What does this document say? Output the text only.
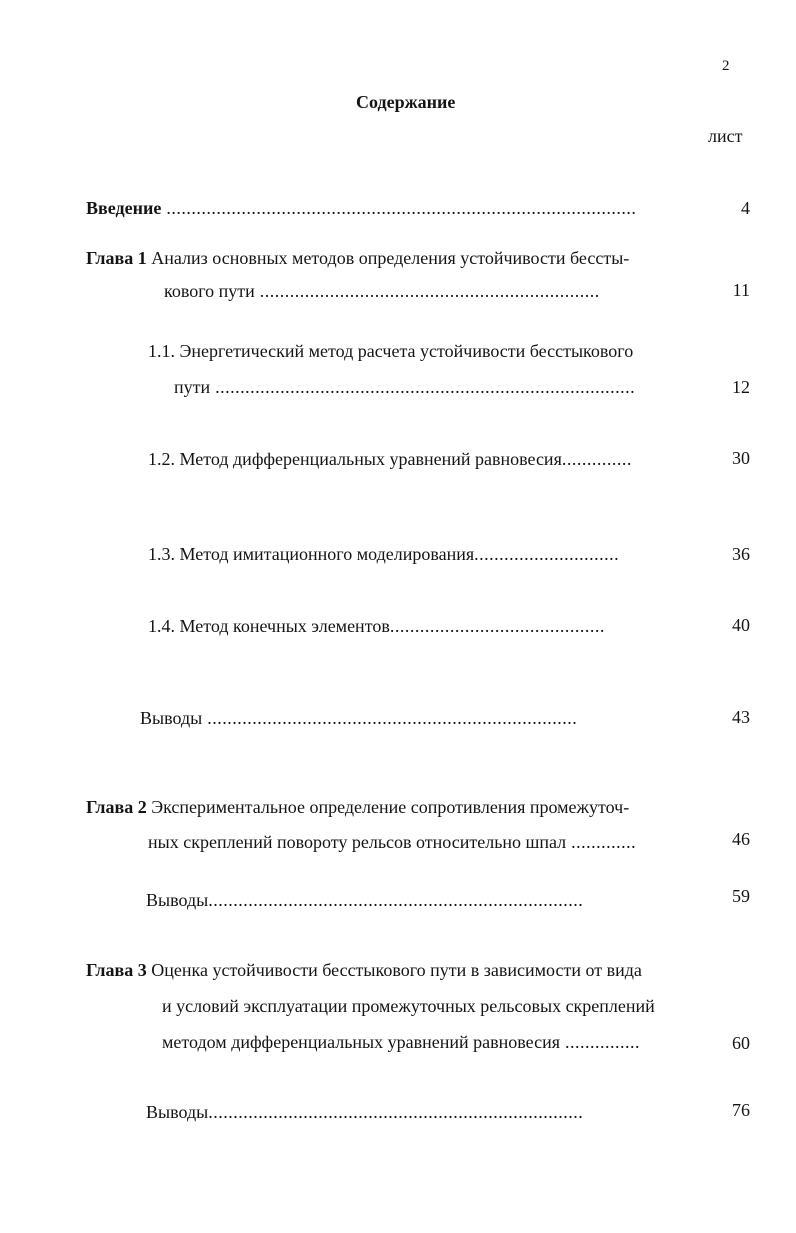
2
Содержание
лист
Введение ..............................................................................................	4
Глава 1 Анализ основных методов определения устойчивости бессты-
кового пути ....................................................................	11
1.1. Энергетический метод расчета устойчивости бесстыкового
пути ....................................................................................	12
1.2. Метод дифференциальных уравнений равновесия..............	30
1.3. Метод имитационного моделирования.............................	36
1.4. Метод конечных элементов...........................................	40
Выводы ..........................................................................	43
Глава 2 Экспериментальное определение сопротивления промежуточ-
ных скреплений повороту рельсов относительно шпал .............	46
Выводы...........................................................................	59
Глава 3 Оценка устойчивости бесстыкового пути в зависимости от вида
и условий эксплуатации промежуточных рельсовых скреплений
методом дифференциальных уравнений равновесия ...............	60
Выводы...........................................................................	76
